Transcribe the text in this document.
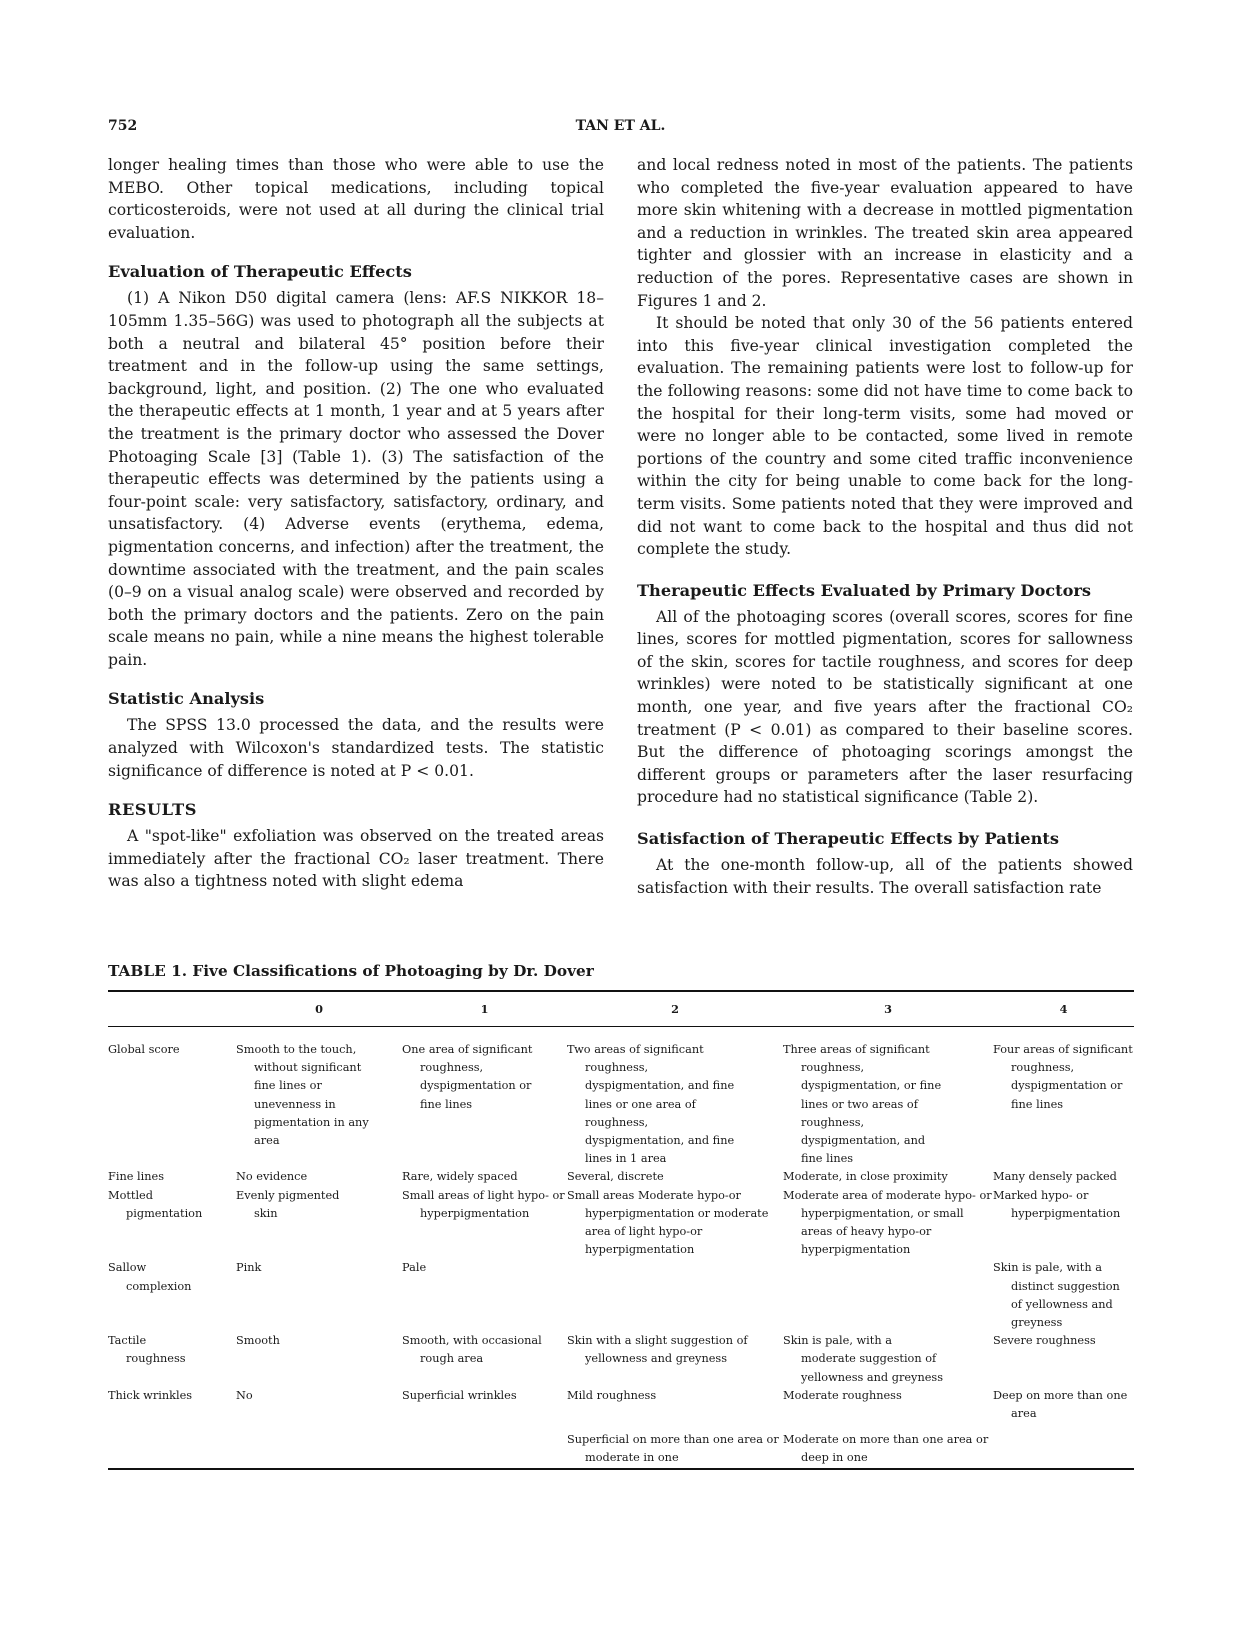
752	TAN ET AL.

longer healing times than those who were able to use the MEBO. Other topical medications, including topical corticosteroids, were not used at all during the clinical trial evaluation.

Evaluation of Therapeutic Effects

(1) A Nikon D50 digital camera (lens: AF.S NIKKOR 18–105mm 1.35–56G) was used to photograph all the subjects at both a neutral and bilateral 45° position before their treatment and in the follow-up using the same settings, background, light, and position. (2) The one who evaluated the therapeutic effects at 1 month, 1 year and at 5 years after the treatment is the primary doctor who assessed the Dover Photoaging Scale [3] (Table 1). (3) The satisfaction of the therapeutic effects was determined by the patients using a four-point scale: very satisfactory, satisfactory, ordinary, and unsatisfactory. (4) Adverse events (erythema, edema, pigmentation concerns, and infection) after the treatment, the downtime associated with the treatment, and the pain scales (0–9 on a visual analog scale) were observed and recorded by both the primary doctors and the patients. Zero on the pain scale means no pain, while a nine means the highest tolerable pain.

Statistic Analysis

The SPSS 13.0 processed the data, and the results were analyzed with Wilcoxon's standardized tests. The statistic significance of difference is noted at P < 0.01.

RESULTS

A "spot-like" exfoliation was observed on the treated areas immediately after the fractional CO₂ laser treatment. There was also a tightness noted with slight edema

and local redness noted in most of the patients. The patients who completed the five-year evaluation appeared to have more skin whitening with a decrease in mottled pigmentation and a reduction in wrinkles. The treated skin area appeared tighter and glossier with an increase in elasticity and a reduction of the pores. Representative cases are shown in Figures 1 and 2.

It should be noted that only 30 of the 56 patients entered into this five-year clinical investigation completed the evaluation. The remaining patients were lost to follow-up for the following reasons: some did not have time to come back to the hospital for their long-term visits, some had moved or were no longer able to be contacted, some lived in remote portions of the country and some cited traffic inconvenience within the city for being unable to come back for the long-term visits. Some patients noted that they were improved and did not want to come back to the hospital and thus did not complete the study.

Therapeutic Effects Evaluated by Primary Doctors

All of the photoaging scores (overall scores, scores for fine lines, scores for mottled pigmentation, scores for sallowness of the skin, scores for tactile roughness, and scores for deep wrinkles) were noted to be statistically significant at one month, one year, and five years after the fractional CO₂ treatment (P < 0.01) as compared to their baseline scores. But the difference of photoaging scorings amongst the different groups or parameters after the laser resurfacing procedure had no statistical significance (Table 2).

Satisfaction of Therapeutic Effects by Patients

At the one-month follow-up, all of the patients showed satisfaction with their results. The overall satisfaction rate

TABLE 1. Five Classifications of Photoaging by Dr. Dover
	0	1	2	3	4

Global score	Smooth to the touch, without significant fine lines or unevenness in pigmentation in any area	One area of significant roughness, dyspigmentation or fine lines	Two areas of significant roughness, dyspigmentation, and fine lines or one area of roughness, dyspigmentation, and fine lines in 1 area	Three areas of significant roughness, dyspigmentation, or fine lines or two areas of roughness, dyspigmentation, and fine lines	Four areas of significant roughness, dyspigmentation or fine lines

Fine lines	No evidence	Rare, widely spaced	Several, discrete	Moderate, in close proximity	Many densely packed

Mottled pigmentation	Evenly pigmented skin	Small areas of light hypo- or hyperpigmentation	Small areas Moderate hypo-or hyperpigmentation or moderate area of light hypo-or hyperpigmentation	Moderate area of moderate hypo- or hyperpigmentation, or small areas of heavy hypo-or hyperpigmentation	Marked hypo- or hyperpigmentation

Sallow complexion	Pink	Pale			Skin is pale, with a distinct suggestion of yellowness and greyness

Tactile roughness	Smooth	Smooth, with occasional rough area	Skin with a slight suggestion of yellowness and greyness	Skin is pale, with a moderate suggestion of yellowness and greyness	Severe roughness

Thick wrinkles	No	Superficial wrinkles	Mild roughness	Moderate roughness	Deep on more than one area

			Superficial on more than one area or moderate in one	Moderate on more than one area or deep in one	
